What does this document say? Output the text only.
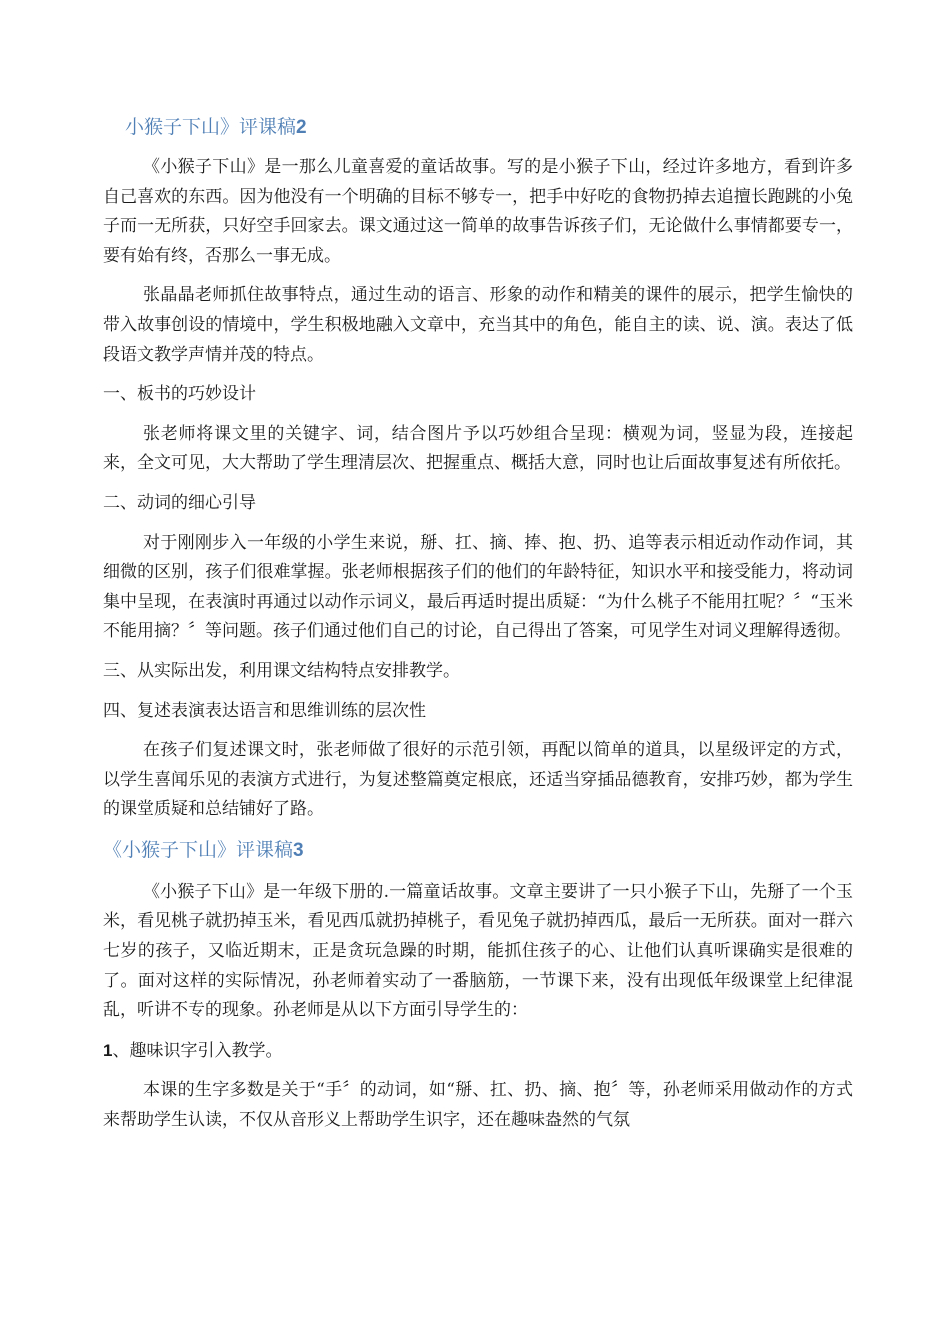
小猴子下山》评课稿2

《小猴子下山》是一那么儿童喜爱的童话故事。写的是小猴子下山，经过许多地方，看到许多自己喜欢的东西。因为他没有一个明确的目标不够专一，把手中好吃的食物扔掉去追擅长跑跳的小兔子而一无所获，只好空手回家去。课文通过这一简单的故事告诉孩子们，无论做什么事情都要专一，要有始有终，否那么一事无成。

张晶晶老师抓住故事特点，通过生动的语言、形象的动作和精美的课件的展示，把学生愉快的带入故事创设的情境中，学生积极地融入文章中，充当其中的角色，能自主的读、说、演。表达了低段语文教学声情并茂的特点。

一、板书的巧妙设计

张老师将课文里的关键字、词，结合图片予以巧妙组合呈现：横观为词，竖显为段，连接起来，全文可见，大大帮助了学生理清层次、把握重点、概括大意，同时也让后面故事复述有所依托。

二、动词的细心引导

对于刚刚步入一年级的小学生来说，掰、扛、摘、捧、抱、扔、追等表示相近动作动作词，其细微的区别，孩子们很难掌握。张老师根据孩子们的他们的年龄特征，知识水平和接受能力，将动词集中呈现，在表演时再通过以动作示词义，最后再适时提出质疑：“为什么桃子不能用扛呢？〞“玉米不能用摘？〞等问题。孩子们通过他们自己的讨论，自己得出了答案，可见学生对词义理解得透彻。

三、从实际出发，利用课文结构特点安排教学。

四、复述表演表达语言和思维训练的层次性

在孩子们复述课文时，张老师做了很好的示范引领，再配以简单的道具，以星级评定的方式，以学生喜闻乐见的表演方式进行，为复述整篇奠定根底，还适当穿插品德教育，安排巧妙，都为学生的课堂质疑和总结铺好了路。

《小猴子下山》评课稿3

《小猴子下山》是一年级下册的.一篇童话故事。文章主要讲了一只小猴子下山，先掰了一个玉米，看见桃子就扔掉玉米，看见西瓜就扔掉桃子，看见兔子就扔掉西瓜，最后一无所获。面对一群六七岁的孩子，又临近期末，正是贪玩急躁的时期，能抓住孩子的心、让他们认真听课确实是很难的了。面对这样的实际情况，孙老师着实动了一番脑筋，一节课下来，没有出现低年级课堂上纪律混乱，听讲不专的现象。孙老师是从以下方面引导学生的：

1、趣味识字引入教学。

本课的生字多数是关于“手〞的动词，如“掰、扛、扔、摘、抱〞等，孙老师采用做动作的方式来帮助学生认读，不仅从音形义上帮助学生识字，还在趣味盎然的气氛
